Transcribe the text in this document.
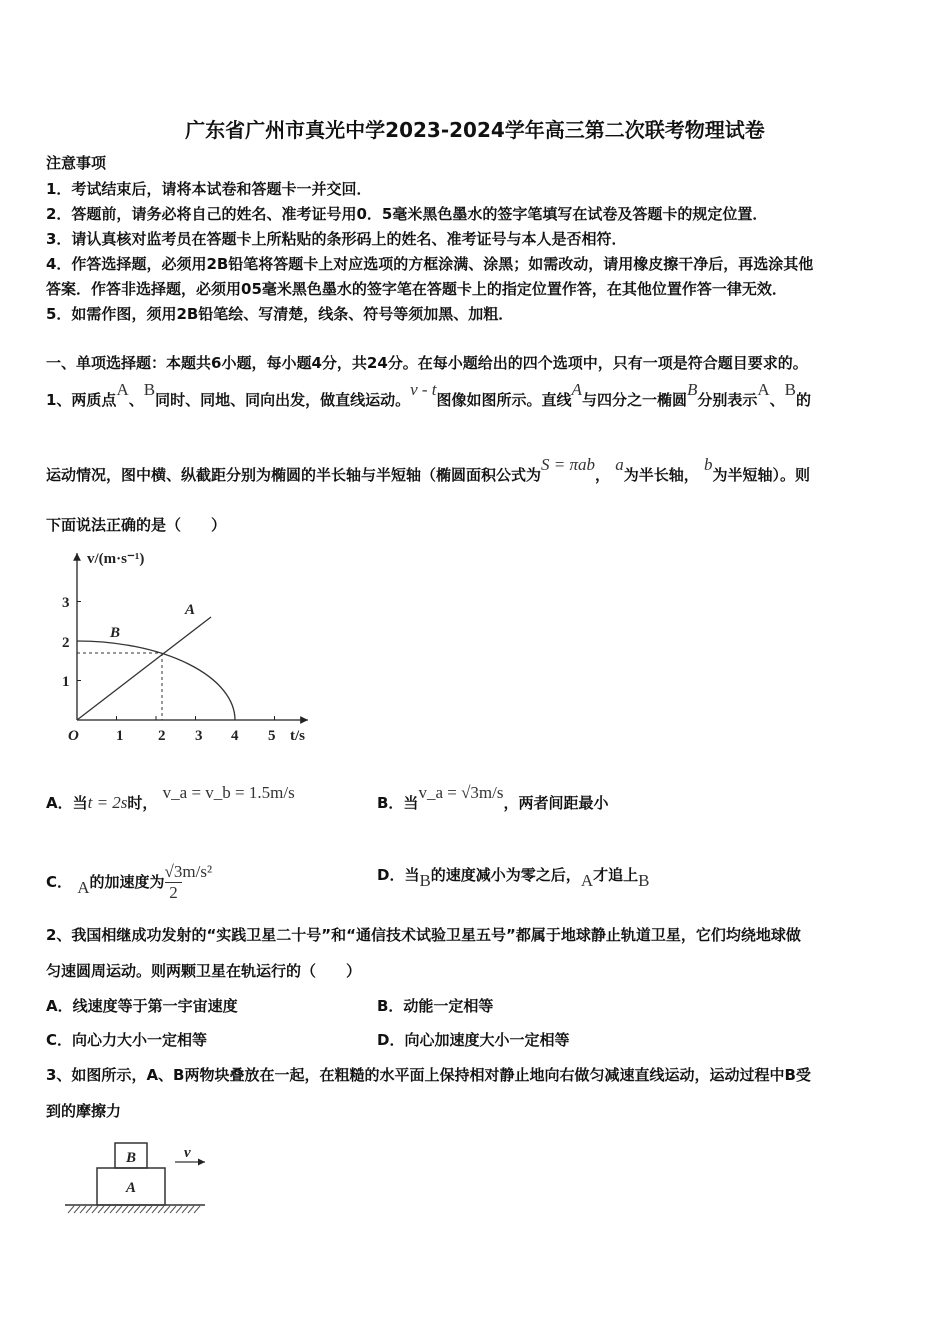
广东省广州市真光中学2023-2024学年高三第二次联考物理试卷
注意事项
1．考试结束后，请将本试卷和答题卡一并交回．
2．答题前，请务必将自己的姓名、准考证号用0．5毫米黑色墨水的签字笔填写在试卷及答题卡的规定位置．
3．请认真核对监考员在答题卡上所粘贴的条形码上的姓名、准考证号与本人是否相符．
4．作答选择题，必须用2B铅笔将答题卡上对应选项的方框涂满、涂黑；如需改动，请用橡皮擦干净后，再选涂其他
答案．作答非选择题，必须用05毫米黑色墨水的签字笔在答题卡上的指定位置作答，在其他位置作答一律无效．
5．如需作图，须用2B铅笔绘、写清楚，线条、符号等须加黑、加粗．
一、单项选择题：本题共6小题，每小题4分，共24分。在每小题给出的四个选项中，只有一项是符合题目要求的。
1、两质点A、B同时、同地、同向出发，做直线运动。v - t图像如图所示。直线A与四分之一椭圆B分别表示A、B的
运动情况，图中横、纵截距分别为椭圆的半长轴与半短轴（椭圆面积公式为S = πab， a为半长轴， b为半短轴）。则
下面说法正确的是（　　）
B
A
v/(m·s⁻¹)
t/s
O 1 2 3 4 5
1
2
3
A．当t = 2s时， v_a = v_b = 1.5m/s
B．当v_a = √3m/s，两者间距最小
C． A的加速度为 $\frac{√3}{2} m/s^2$	D．当B的速度减小为零之后，A才追上B
2、我国相继成功发射的“实践卫星二十号”和“通信技术试验卫星五号”都属于地球静止轨道卫星，它们均绕地球做
匀速圆周运动。则两颗卫星在轨运行的（　　）
A．线速度等于第一宇宙速度	B．动能一定相等
C．向心力大小一定相等	D．向心加速度大小一定相等
3、如图所示，A、B两物块叠放在一起，在粗糙的水平面上保持相对静止地向右做匀减速直线运动，运动过程中B受
到的摩擦力
A
B	v
